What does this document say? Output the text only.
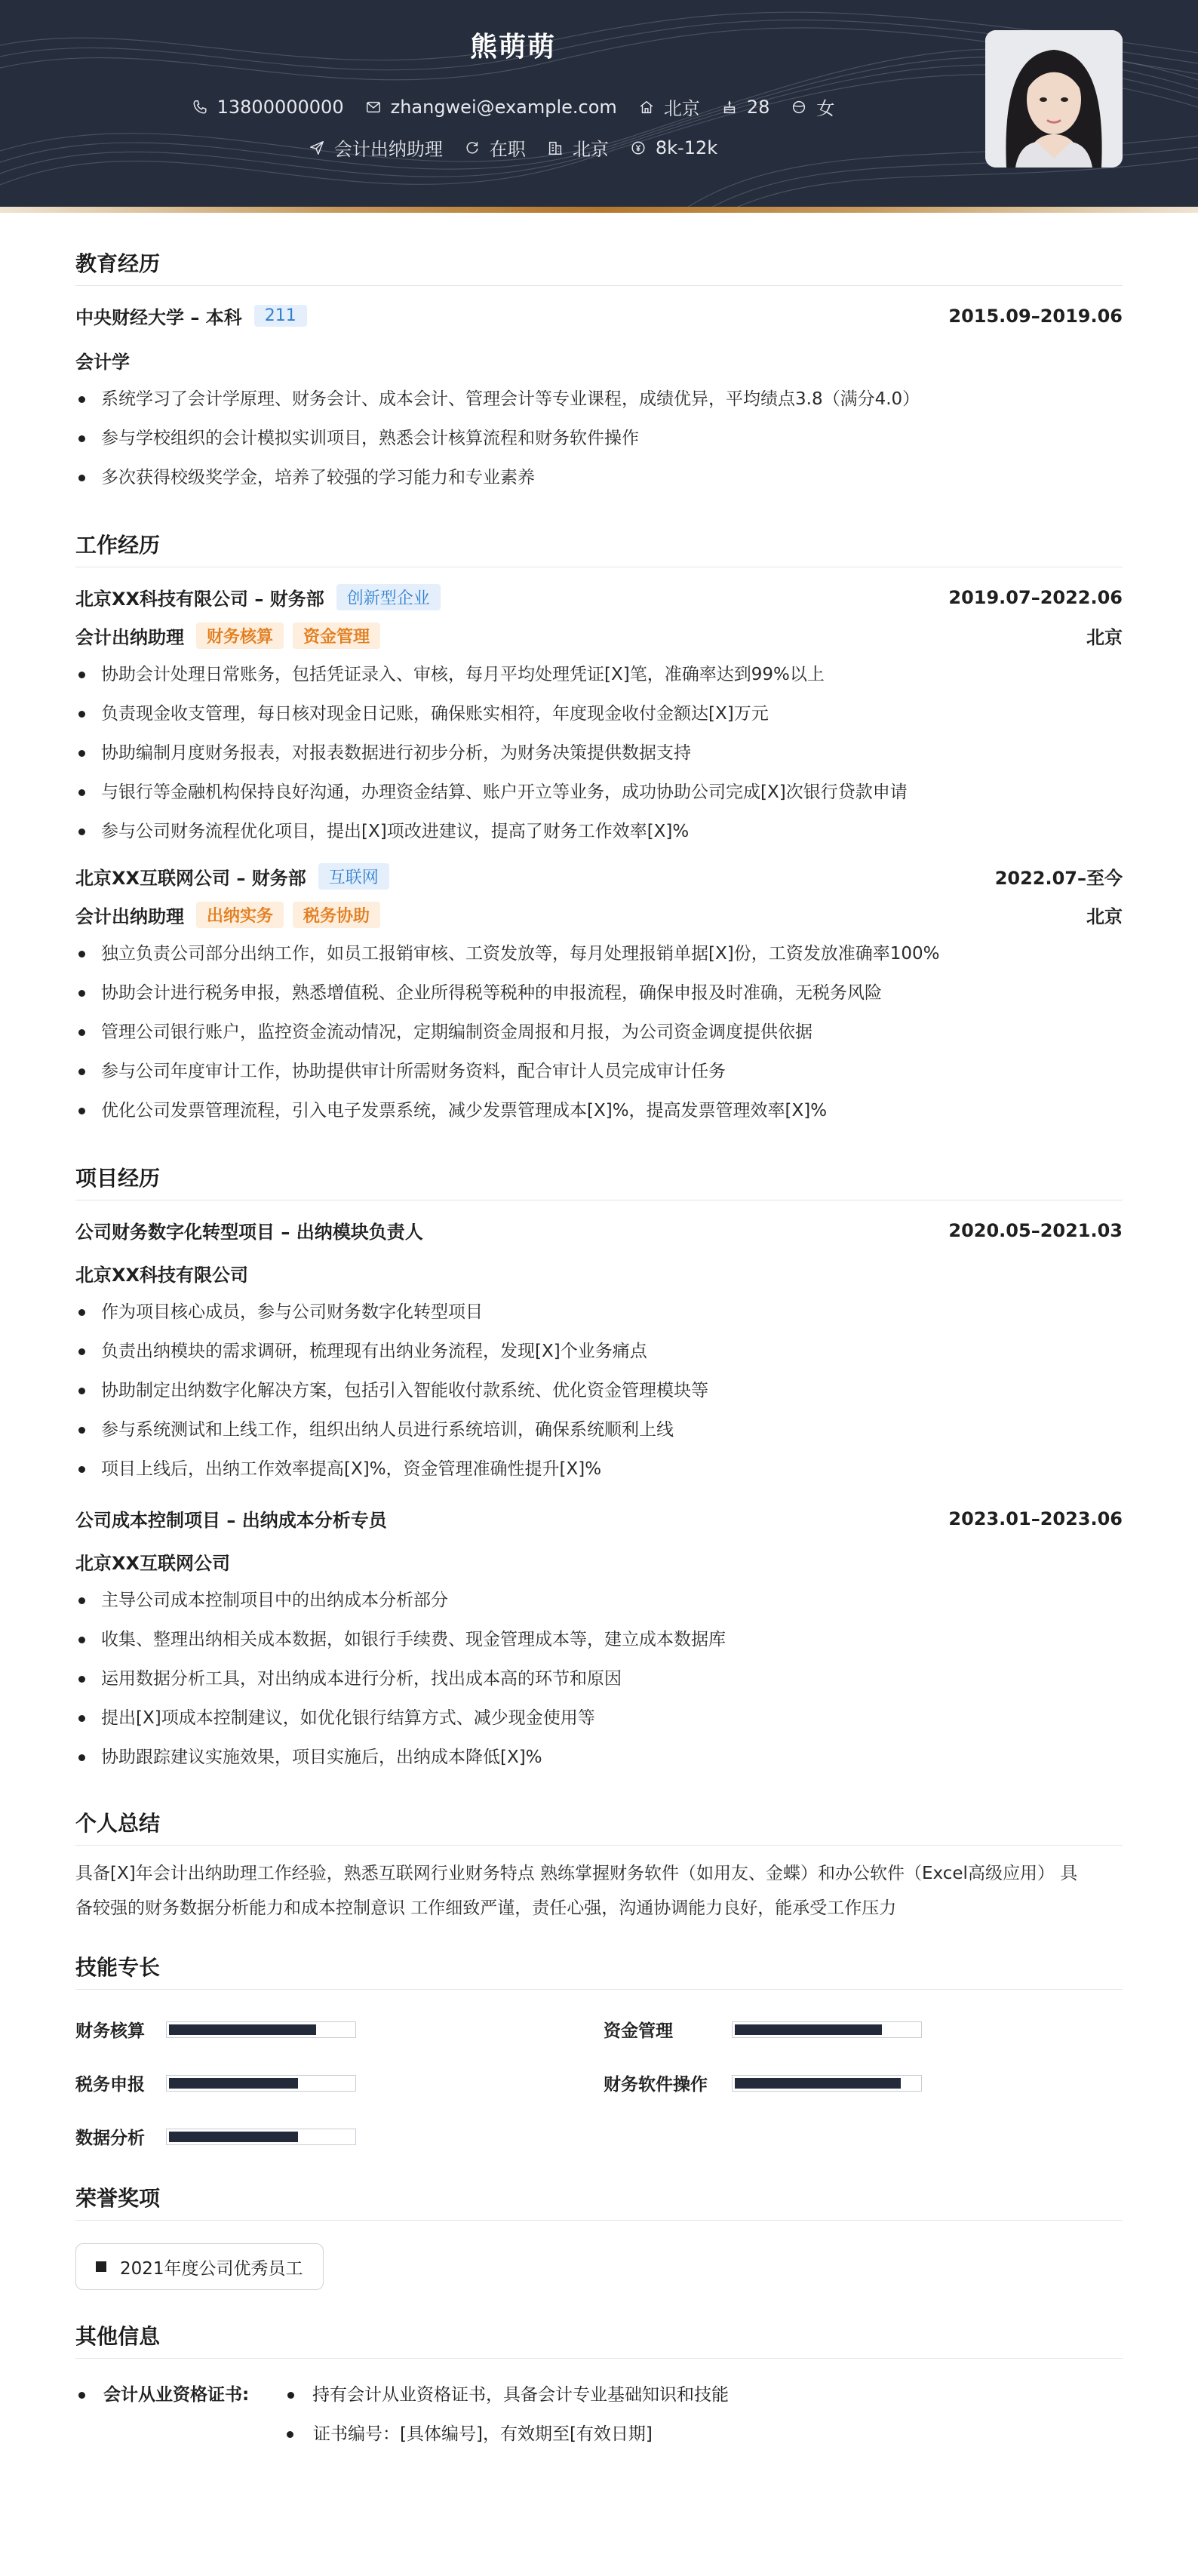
熊萌萌
13800000000	zhangwei@example.com	北京	28	女
会计出纳助理	在职	北京	8k-12k
教育经历
中央财经大学 – 本科	211	2015.09–2019.06
会计学
系统学习了会计学原理、财务会计、成本会计、管理会计等专业课程，成绩优异，平均绩点3.8（满分4.0）
参与学校组织的会计模拟实训项目，熟悉会计核算流程和财务软件操作
多次获得校级奖学金，培养了较强的学习能力和专业素养
工作经历
北京XX科技有限公司 – 财务部	创新型企业	2019.07–2022.06
会计出纳助理	财务核算	资金管理	北京
协助会计处理日常账务，包括凭证录入、审核，每月平均处理凭证[X]笔，准确率达到99%以上
负责现金收支管理，每日核对现金日记账，确保账实相符，年度现金收付金额达[X]万元
协助编制月度财务报表，对报表数据进行初步分析，为财务决策提供数据支持
与银行等金融机构保持良好沟通，办理资金结算、账户开立等业务，成功协助公司完成[X]次银行贷款申请
参与公司财务流程优化项目，提出[X]项改进建议，提高了财务工作效率[X]%
北京XX互联网公司 – 财务部	互联网	2022.07–至今
会计出纳助理	出纳实务	税务协助	北京
独立负责公司部分出纳工作，如员工报销审核、工资发放等，每月处理报销单据[X]份，工资发放准确率100%
协助会计进行税务申报，熟悉增值税、企业所得税等税种的申报流程，确保申报及时准确，无税务风险
管理公司银行账户，监控资金流动情况，定期编制资金周报和月报，为公司资金调度提供依据
参与公司年度审计工作，协助提供审计所需财务资料，配合审计人员完成审计任务
优化公司发票管理流程，引入电子发票系统，减少发票管理成本[X]%，提高发票管理效率[X]%
项目经历
公司财务数字化转型项目 – 出纳模块负责人	2020.05–2021.03
北京XX科技有限公司
作为项目核心成员，参与公司财务数字化转型项目
负责出纳模块的需求调研，梳理现有出纳业务流程，发现[X]个业务痛点
协助制定出纳数字化解决方案，包括引入智能收付款系统、优化资金管理模块等
参与系统测试和上线工作，组织出纳人员进行系统培训，确保系统顺利上线
项目上线后，出纳工作效率提高[X]%，资金管理准确性提升[X]%
公司成本控制项目 – 出纳成本分析专员	2023.01–2023.06
北京XX互联网公司
主导公司成本控制项目中的出纳成本分析部分
收集、整理出纳相关成本数据，如银行手续费、现金管理成本等，建立成本数据库
运用数据分析工具，对出纳成本进行分析，找出成本高的环节和原因
提出[X]项成本控制建议，如优化银行结算方式、减少现金使用等
协助跟踪建议实施效果，项目实施后，出纳成本降低[X]%
个人总结
具备[X]年会计出纳助理工作经验，熟悉互联网行业财务特点 熟练掌握财务软件（如用友、金蝶）和办公软件（Excel高级应用） 具
备较强的财务数据分析能力和成本控制意识 工作细致严谨，责任心强，沟通协调能力良好，能承受工作压力
技能专长
财务核算	资金管理
税务申报	财务软件操作
数据分析
荣誉奖项
2021年度公司优秀员工
其他信息
会计从业资格证书:	持有会计从业资格证书，具备会计专业基础知识和技能
证书编号：[具体编号]，有效期至[有效日期]
